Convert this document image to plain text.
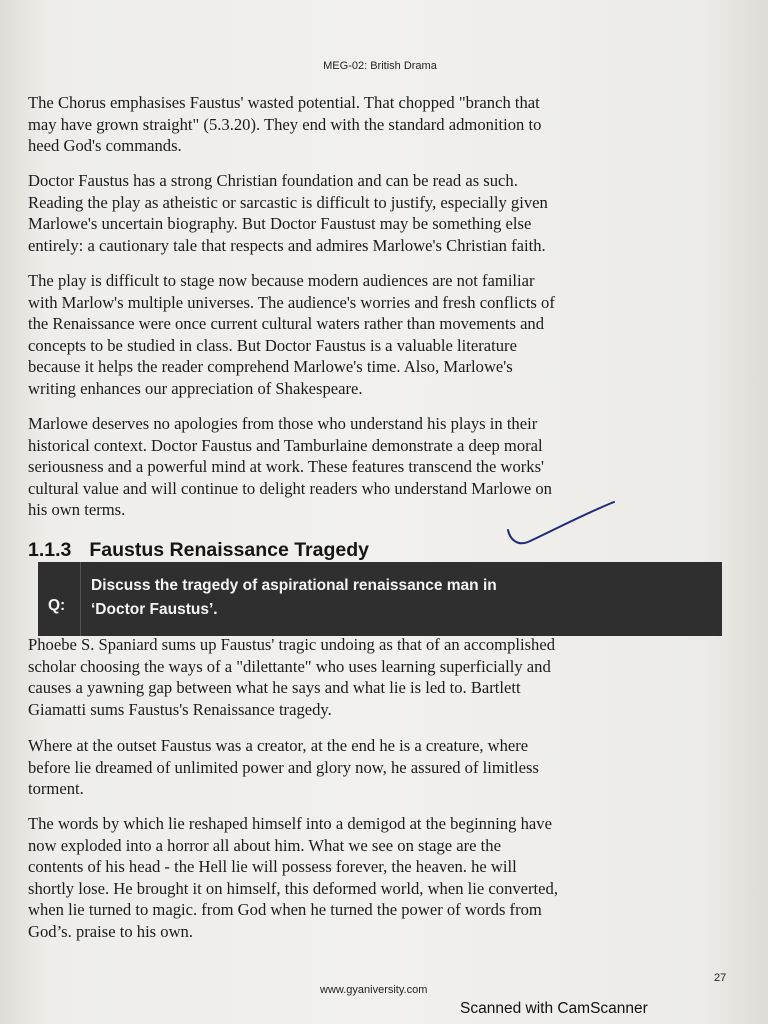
MEG-02: British Drama

The Chorus emphasises Faustus' wasted potential. That chopped "branch that
may have grown straight" (5.3.20). They end with the standard admonition to
heed God's commands.

Doctor Faustus has a strong Christian foundation and can be read as such.
Reading the play as atheistic or sarcastic is difficult to justify, especially given
Marlowe's uncertain biography. But Doctor Faustust may be something else
entirely: a cautionary tale that respects and admires Marlowe's Christian faith.

The play is difficult to stage now because modern audiences are not familiar
with Marlow's multiple universes. The audience's worries and fresh conflicts of
the Renaissance were once current cultural waters rather than movements and
concepts to be studied in class. But Doctor Faustus is a valuable literature
because it helps the reader comprehend Marlowe's time. Also, Marlowe's
writing enhances our appreciation of Shakespeare.

Marlowe deserves no apologies from those who understand his plays in their
historical context. Doctor Faustus and Tamburlaine demonstrate a deep moral
seriousness and a powerful mind at work. These features transcend the works'
cultural value and will continue to delight readers who understand Marlowe on
his own terms.

1.1.3 Faustus Renaissance Tragedy
Q:
Discuss the tragedy of aspirational renaissance man in
‘Doctor Faustus’.

Phoebe S. Spaniard sums up Faustus' tragic undoing as that of an accomplished
scholar choosing the ways of a "dilettante" who uses learning superficially and
causes a yawning gap between what he says and what lie is led to. Bartlett
Giamatti sums Faustus's Renaissance tragedy.

Where at the outset Faustus was a creator, at the end he is a creature, where
before lie dreamed of unlimited power and glory now, he assured of limitless
torment.

The words by which lie reshaped himself into a demigod at the beginning have
now exploded into a horror all about him. What we see on stage are the
contents of his head - the Hell lie will possess forever, the heaven. he will
shortly lose. He brought it on himself, this deformed world, when lie converted,
when lie turned to magic. from God when he turned the power of words from
God’s. praise to his own.

27
www.gyaniversity.com
Scanned with CamScanner
